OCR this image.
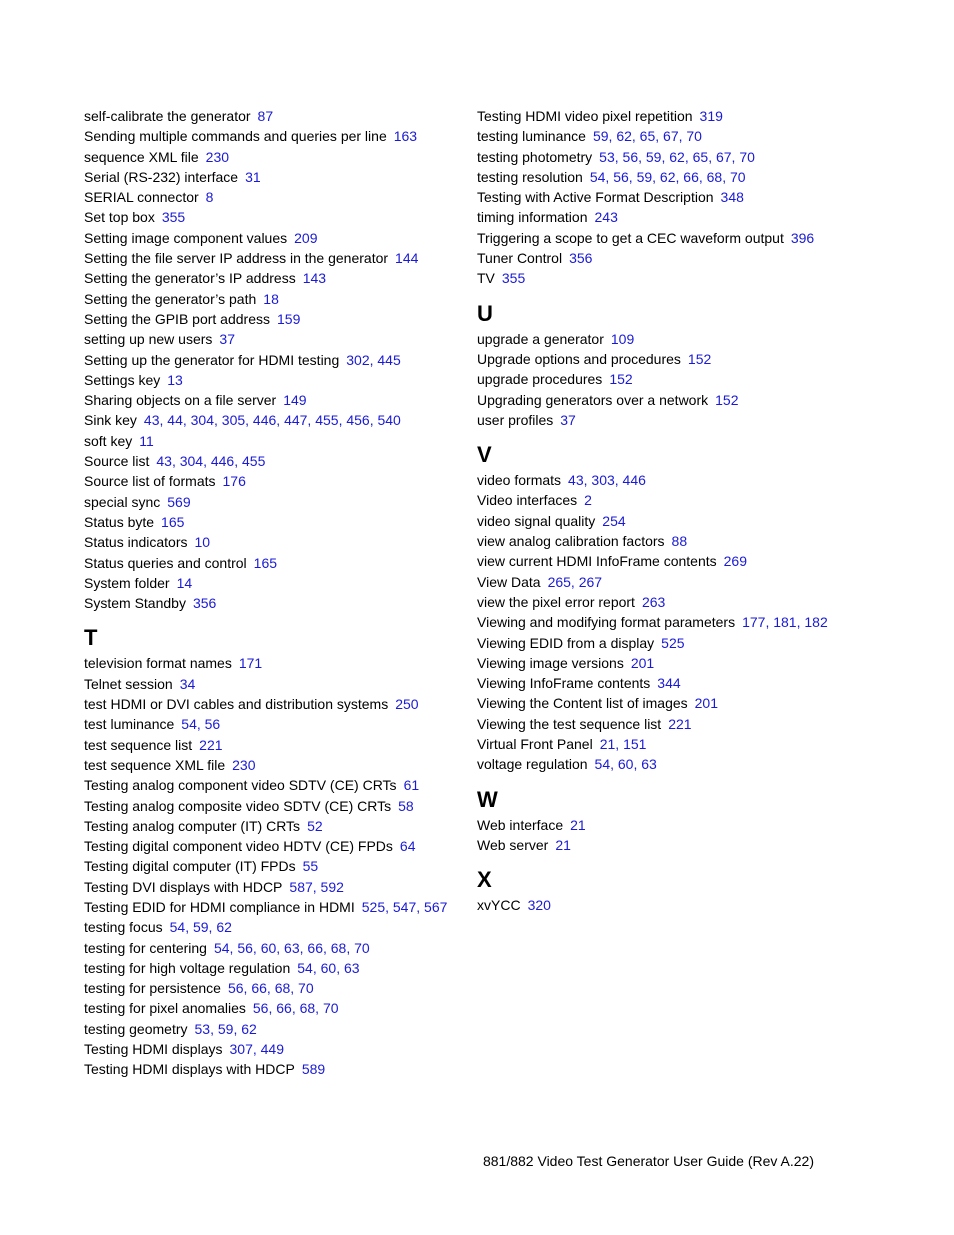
self-calibrate the generator 87
Sending multiple commands and queries per line 163
sequence XML file 230
Serial (RS-232) interface 31
SERIAL connector 8
Set top box 355
Setting image component values 209
Setting the file server IP address in the generator 144
Setting the generator’s IP address 143
Setting the generator’s path 18
Setting the GPIB port address 159
setting up new users 37
Setting up the generator for HDMI testing 302, 445
Settings key 13
Sharing objects on a file server 149
Sink key 43, 44, 304, 305, 446, 447, 455, 456, 540
soft key 11
Source list 43, 304, 446, 455
Source list of formats 176
special sync 569
Status byte 165
Status indicators 10
Status queries and control 165
System folder 14
System Standby 356
T
television format names 171
Telnet session 34
test HDMI or DVI cables and distribution systems 250
test luminance 54, 56
test sequence list 221
test sequence XML file 230
Testing analog component video SDTV (CE) CRTs 61
Testing analog composite video SDTV (CE) CRTs 58
Testing analog computer (IT) CRTs 52
Testing digital component video HDTV (CE) FPDs 64
Testing digital computer (IT) FPDs 55
Testing DVI displays with HDCP 587, 592
Testing EDID for HDMI compliance in HDMI 525, 547, 567
testing focus 54, 59, 62
testing for centering 54, 56, 60, 63, 66, 68, 70
testing for high voltage regulation 54, 60, 63
testing for persistence 56, 66, 68, 70
testing for pixel anomalies 56, 66, 68, 70
testing geometry 53, 59, 62
Testing HDMI displays 307, 449
Testing HDMI displays with HDCP 589
Testing HDMI video pixel repetition 319
testing luminance 59, 62, 65, 67, 70
testing photometry 53, 56, 59, 62, 65, 67, 70
testing resolution 54, 56, 59, 62, 66, 68, 70
Testing with Active Format Description 348
timing information 243
Triggering a scope to get a CEC waveform output 396
Tuner Control 356
TV 355
U
upgrade a generator 109
Upgrade options and procedures 152
upgrade procedures 152
Upgrading generators over a network 152
user profiles 37
V
video formats 43, 303, 446
Video interfaces 2
video signal quality 254
view analog calibration factors 88
view current HDMI InfoFrame contents 269
View Data 265, 267
view the pixel error report 263
Viewing and modifying format parameters 177, 181, 182
Viewing EDID from a display 525
Viewing image versions 201
Viewing InfoFrame contents 344
Viewing the Content list of images 201
Viewing the test sequence list 221
Virtual Front Panel 21, 151
voltage regulation 54, 60, 63
W
Web interface 21
Web server 21
X
xvYCC 320
881/882 Video Test Generator User Guide (Rev A.22)
